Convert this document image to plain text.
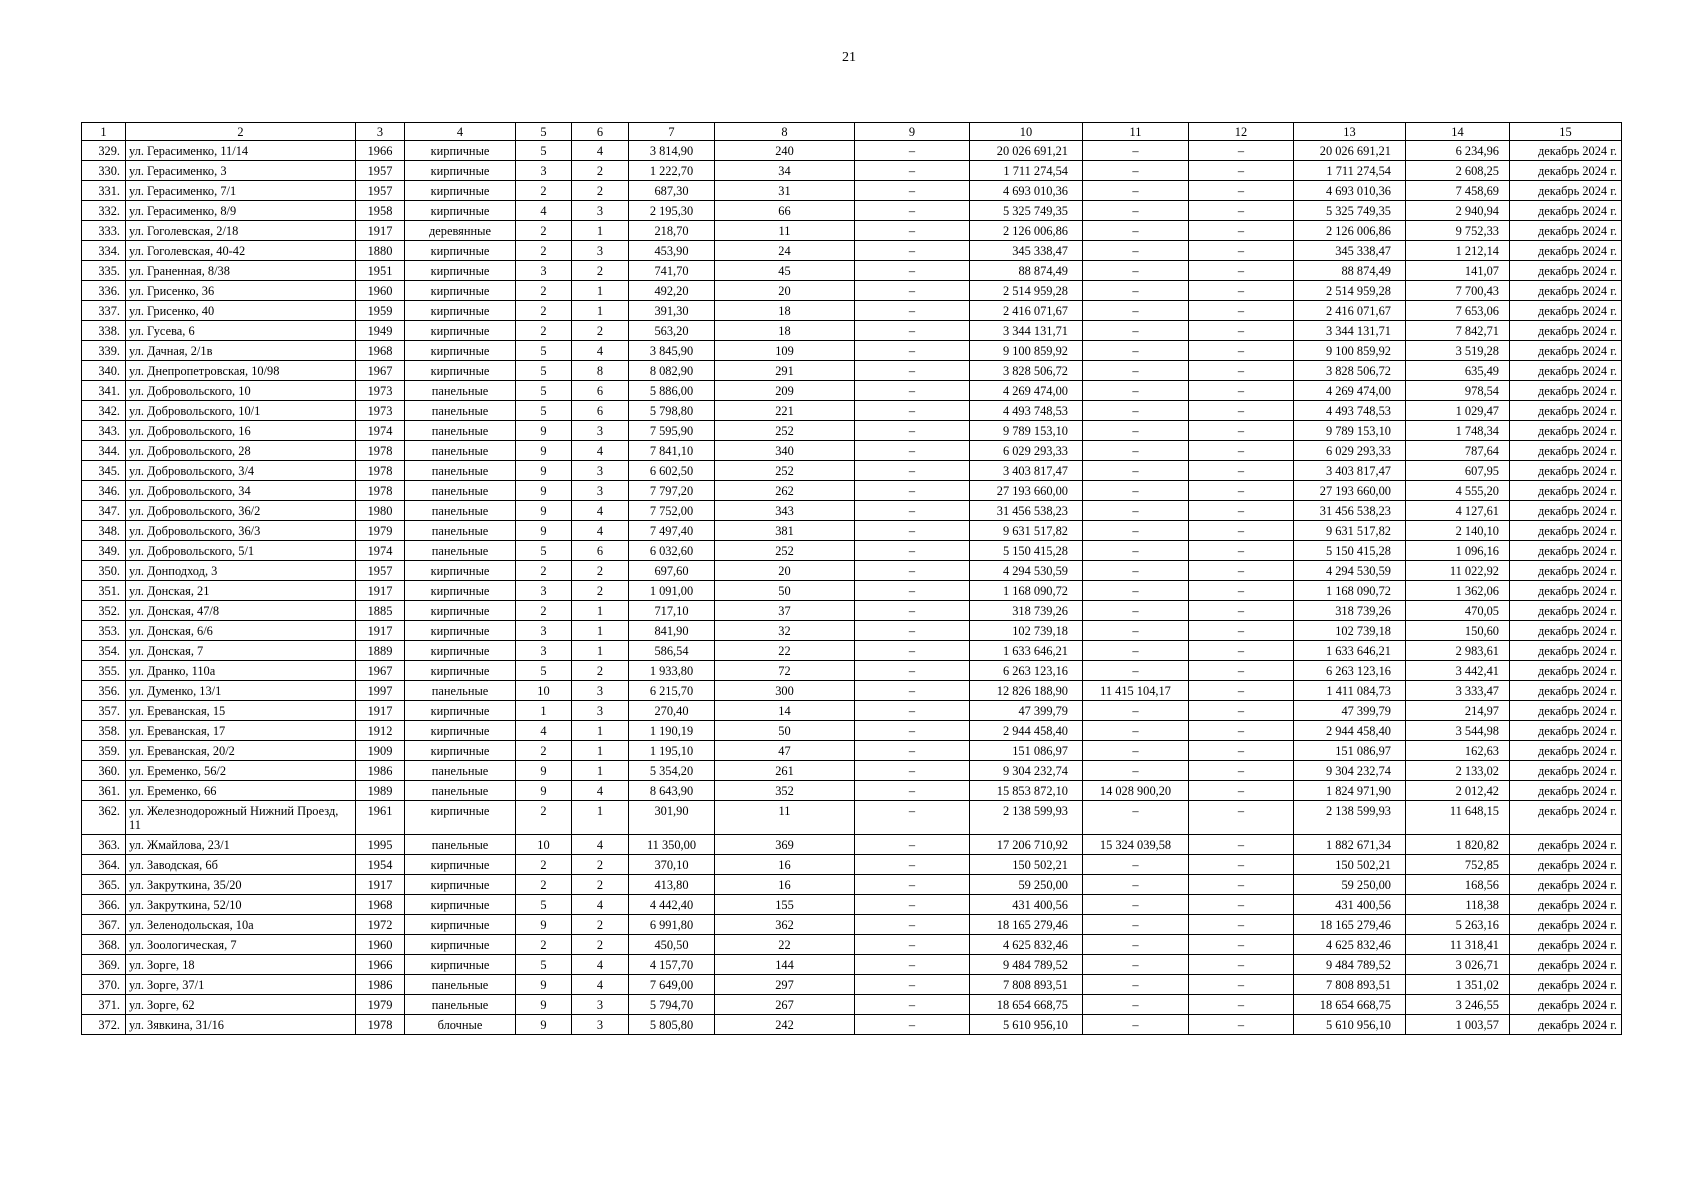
21
1	2	3	4	5	6	7	8	9	10	11	12	13	14	15
329.	ул. Герасименко, 11/14	1966	кирпичные	5	4	3 814,90	240	–	20 026 691,21	–	–	20 026 691,21	6 234,96	декабрь 2024 г.
330.	ул. Герасименко, 3	1957	кирпичные	3	2	1 222,70	34	–	1 711 274,54	–	–	1 711 274,54	2 608,25	декабрь 2024 г.
331.	ул. Герасименко, 7/1	1957	кирпичные	2	2	687,30	31	–	4 693 010,36	–	–	4 693 010,36	7 458,69	декабрь 2024 г.
332.	ул. Герасименко, 8/9	1958	кирпичные	4	3	2 195,30	66	–	5 325 749,35	–	–	5 325 749,35	2 940,94	декабрь 2024 г.
333.	ул. Гоголевская, 2/18	1917	деревянные	2	1	218,70	11	–	2 126 006,86	–	–	2 126 006,86	9 752,33	декабрь 2024 г.
334.	ул. Гоголевская, 40-42	1880	кирпичные	2	3	453,90	24	–	345 338,47	–	–	345 338,47	1 212,14	декабрь 2024 г.
335.	ул. Граненная, 8/38	1951	кирпичные	3	2	741,70	45	–	88 874,49	–	–	88 874,49	141,07	декабрь 2024 г.
336.	ул. Грисенко, 36	1960	кирпичные	2	1	492,20	20	–	2 514 959,28	–	–	2 514 959,28	7 700,43	декабрь 2024 г.
337.	ул. Грисенко, 40	1959	кирпичные	2	1	391,30	18	–	2 416 071,67	–	–	2 416 071,67	7 653,06	декабрь 2024 г.
338.	ул. Гусева, 6	1949	кирпичные	2	2	563,20	18	–	3 344 131,71	–	–	3 344 131,71	7 842,71	декабрь 2024 г.
339.	ул. Дачная, 2/1в	1968	кирпичные	5	4	3 845,90	109	–	9 100 859,92	–	–	9 100 859,92	3 519,28	декабрь 2024 г.
340.	ул. Днепропетровская, 10/98	1967	кирпичные	5	8	8 082,90	291	–	3 828 506,72	–	–	3 828 506,72	635,49	декабрь 2024 г.
341.	ул. Добровольского, 10	1973	панельные	5	6	5 886,00	209	–	4 269 474,00	–	–	4 269 474,00	978,54	декабрь 2024 г.
342.	ул. Добровольского, 10/1	1973	панельные	5	6	5 798,80	221	–	4 493 748,53	–	–	4 493 748,53	1 029,47	декабрь 2024 г.
343.	ул. Добровольского, 16	1974	панельные	9	3	7 595,90	252	–	9 789 153,10	–	–	9 789 153,10	1 748,34	декабрь 2024 г.
344.	ул. Добровольского, 28	1978	панельные	9	4	7 841,10	340	–	6 029 293,33	–	–	6 029 293,33	787,64	декабрь 2024 г.
345.	ул. Добровольского, 3/4	1978	панельные	9	3	6 602,50	252	–	3 403 817,47	–	–	3 403 817,47	607,95	декабрь 2024 г.
346.	ул. Добровольского, 34	1978	панельные	9	3	7 797,20	262	–	27 193 660,00	–	–	27 193 660,00	4 555,20	декабрь 2024 г.
347.	ул. Добровольского, 36/2	1980	панельные	9	4	7 752,00	343	–	31 456 538,23	–	–	31 456 538,23	4 127,61	декабрь 2024 г.
348.	ул. Добровольского, 36/3	1979	панельные	9	4	7 497,40	381	–	9 631 517,82	–	–	9 631 517,82	2 140,10	декабрь 2024 г.
349.	ул. Добровольского, 5/1	1974	панельные	5	6	6 032,60	252	–	5 150 415,28	–	–	5 150 415,28	1 096,16	декабрь 2024 г.
350.	ул. Донподход, 3	1957	кирпичные	2	2	697,60	20	–	4 294 530,59	–	–	4 294 530,59	11 022,92	декабрь 2024 г.
351.	ул. Донская, 21	1917	кирпичные	3	2	1 091,00	50	–	1 168 090,72	–	–	1 168 090,72	1 362,06	декабрь 2024 г.
352.	ул. Донская, 47/8	1885	кирпичные	2	1	717,10	37	–	318 739,26	–	–	318 739,26	470,05	декабрь 2024 г.
353.	ул. Донская, 6/6	1917	кирпичные	3	1	841,90	32	–	102 739,18	–	–	102 739,18	150,60	декабрь 2024 г.
354.	ул. Донская, 7	1889	кирпичные	3	1	586,54	22	–	1 633 646,21	–	–	1 633 646,21	2 983,61	декабрь 2024 г.
355.	ул. Дранко, 110а	1967	кирпичные	5	2	1 933,80	72	–	6 263 123,16	–	–	6 263 123,16	3 442,41	декабрь 2024 г.
356.	ул. Думенко, 13/1	1997	панельные	10	3	6 215,70	300	–	12 826 188,90	11 415 104,17	–	1 411 084,73	3 333,47	декабрь 2024 г.
357.	ул. Ереванская, 15	1917	кирпичные	1	3	270,40	14	–	47 399,79	–	–	47 399,79	214,97	декабрь 2024 г.
358.	ул. Ереванская, 17	1912	кирпичные	4	1	1 190,19	50	–	2 944 458,40	–	–	2 944 458,40	3 544,98	декабрь 2024 г.
359.	ул. Ереванская, 20/2	1909	кирпичные	2	1	1 195,10	47	–	151 086,97	–	–	151 086,97	162,63	декабрь 2024 г.
360.	ул. Еременко, 56/2	1986	панельные	9	1	5 354,20	261	–	9 304 232,74	–	–	9 304 232,74	2 133,02	декабрь 2024 г.
361.	ул. Еременко, 66	1989	панельные	9	4	8 643,90	352	–	15 853 872,10	14 028 900,20	–	1 824 971,90	2 012,42	декабрь 2024 г.
362.	ул. Железнодорожный Нижний Проезд, 11	1961	кирпичные	2	1	301,90	11	–	2 138 599,93	–	–	2 138 599,93	11 648,15	декабрь 2024 г.
363.	ул. Жмайлова, 23/1	1995	панельные	10	4	11 350,00	369	–	17 206 710,92	15 324 039,58	–	1 882 671,34	1 820,82	декабрь 2024 г.
364.	ул. Заводская, 6б	1954	кирпичные	2	2	370,10	16	–	150 502,21	–	–	150 502,21	752,85	декабрь 2024 г.
365.	ул. Закруткина, 35/20	1917	кирпичные	2	2	413,80	16	–	59 250,00	–	–	59 250,00	168,56	декабрь 2024 г.
366.	ул. Закруткина, 52/10	1968	кирпичные	5	4	4 442,40	155	–	431 400,56	–	–	431 400,56	118,38	декабрь 2024 г.
367.	ул. Зеленодольская, 10а	1972	кирпичные	9	2	6 991,80	362	–	18 165 279,46	–	–	18 165 279,46	5 263,16	декабрь 2024 г.
368.	ул. Зоологическая, 7	1960	кирпичные	2	2	450,50	22	–	4 625 832,46	–	–	4 625 832,46	11 318,41	декабрь 2024 г.
369.	ул. Зорге, 18	1966	кирпичные	5	4	4 157,70	144	–	9 484 789,52	–	–	9 484 789,52	3 026,71	декабрь 2024 г.
370.	ул. Зорге, 37/1	1986	панельные	9	4	7 649,00	297	–	7 808 893,51	–	–	7 808 893,51	1 351,02	декабрь 2024 г.
371.	ул. Зорге, 62	1979	панельные	9	3	5 794,70	267	–	18 654 668,75	–	–	18 654 668,75	3 246,55	декабрь 2024 г.
372.	ул. Зявкина, 31/16	1978	блочные	9	3	5 805,80	242	–	5 610 956,10	–	–	5 610 956,10	1 003,57	декабрь 2024 г.
